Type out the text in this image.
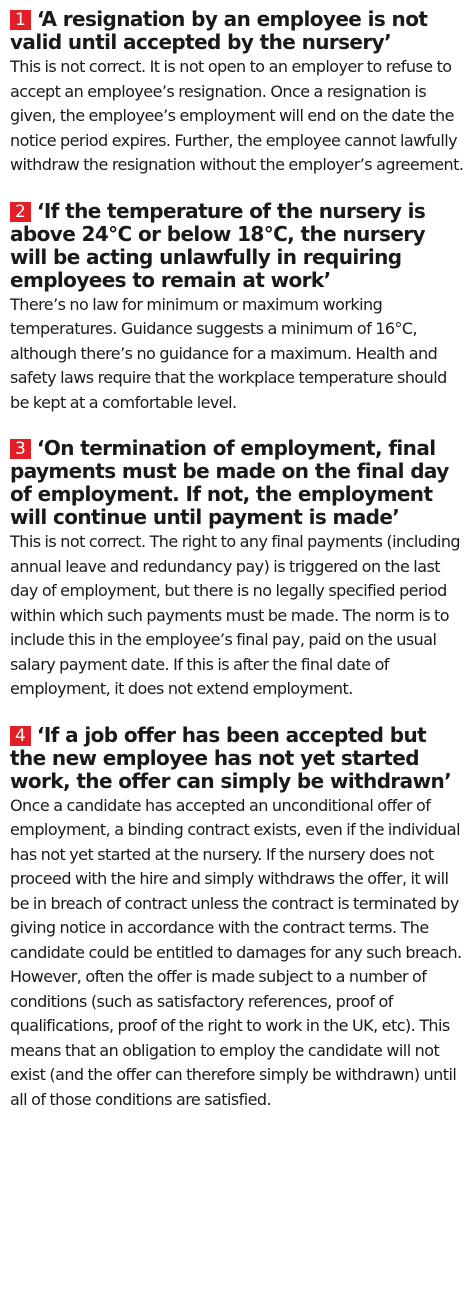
1 ‘A resignation by an employee is not valid until accepted by the nursery’

This is not correct. It is not open to an employer to refuse to accept an employee’s resignation. Once a resignation is given, the employee’s employment will end on the date the notice period expires. Further, the employee cannot lawfully withdraw the resignation without the employer’s agreement.

2 ‘If the temperature of the nursery is above 24°C or below 18°C, the nursery will be acting unlawfully in requiring employees to remain at work’

There’s no law for minimum or maximum working temperatures. Guidance suggests a minimum of 16°C, although there’s no guidance for a maximum. Health and safety laws require that the workplace temperature should be kept at a comfortable level.

3 ‘On termination of employment, final payments must be made on the final day of employment. If not, the employment will continue until payment is made’

This is not correct. The right to any final payments (including annual leave and redundancy pay) is triggered on the last day of employment, but there is no legally specified period within which such payments must be made. The norm is to include this in the employee’s final pay, paid on the usual salary payment date. If this is after the final date of employment, it does not extend employment.

4 ‘If a job offer has been accepted but the new employee has not yet started work, the offer can simply be withdrawn’

Once a candidate has accepted an unconditional offer of employment, a binding contract exists, even if the individual has not yet started at the nursery. If the nursery does not proceed with the hire and simply withdraws the offer, it will be in breach of contract unless the contract is terminated by giving notice in accordance with the contract terms. The candidate could be entitled to damages for any such breach. However, often the offer is made subject to a number of conditions (such as satisfactory references, proof of qualifications, proof of the right to work in the UK, etc). This means that an obligation to employ the candidate will not exist (and the offer can therefore simply be withdrawn) until all of those conditions are satisfied.
